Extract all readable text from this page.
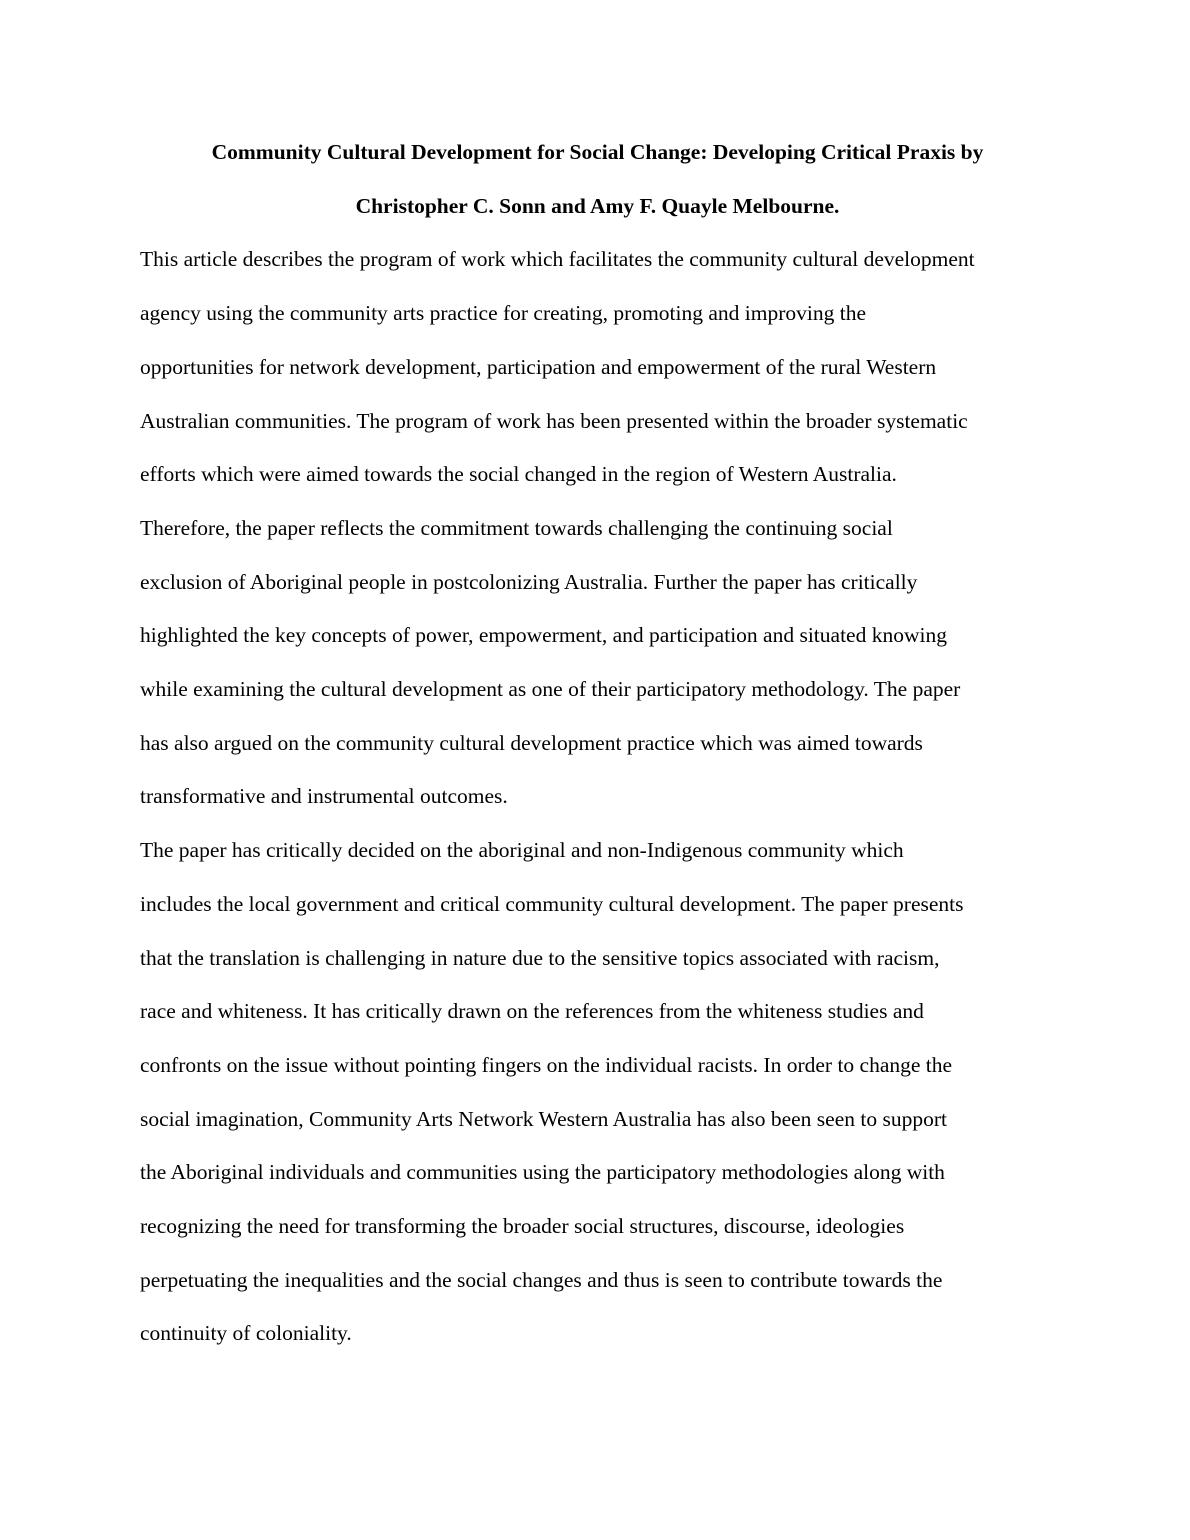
Community Cultural Development for Social Change: Developing Critical Praxis by
Christopher C. Sonn and Amy F. Quayle Melbourne.

This article describes the program of work which facilitates the community cultural development
agency using the community arts practice for creating, promoting and improving the
opportunities for network development, participation and empowerment of the rural Western
Australian communities. The program of work has been presented within the broader systematic
efforts which were aimed towards the social changed in the region of Western Australia.
Therefore, the paper reflects the commitment towards challenging the continuing social
exclusion of Aboriginal people in postcolonizing Australia. Further the paper has critically
highlighted the key concepts of power, empowerment, and participation and situated knowing
while examining the cultural development as one of their participatory methodology. The paper
has also argued on the community cultural development practice which was aimed towards
transformative and instrumental outcomes.

The paper has critically decided on the aboriginal and non-Indigenous community which
includes the local government and critical community cultural development. The paper presents
that the translation is challenging in nature due to the sensitive topics associated with racism,
race and whiteness. It has critically drawn on the references from the whiteness studies and
confronts on the issue without pointing fingers on the individual racists. In order to change the
social imagination, Community Arts Network Western Australia has also been seen to support
the Aboriginal individuals and communities using the participatory methodologies along with
recognizing the need for transforming the broader social structures, discourse, ideologies
perpetuating the inequalities and the social changes and thus is seen to contribute towards the
continuity of coloniality.
